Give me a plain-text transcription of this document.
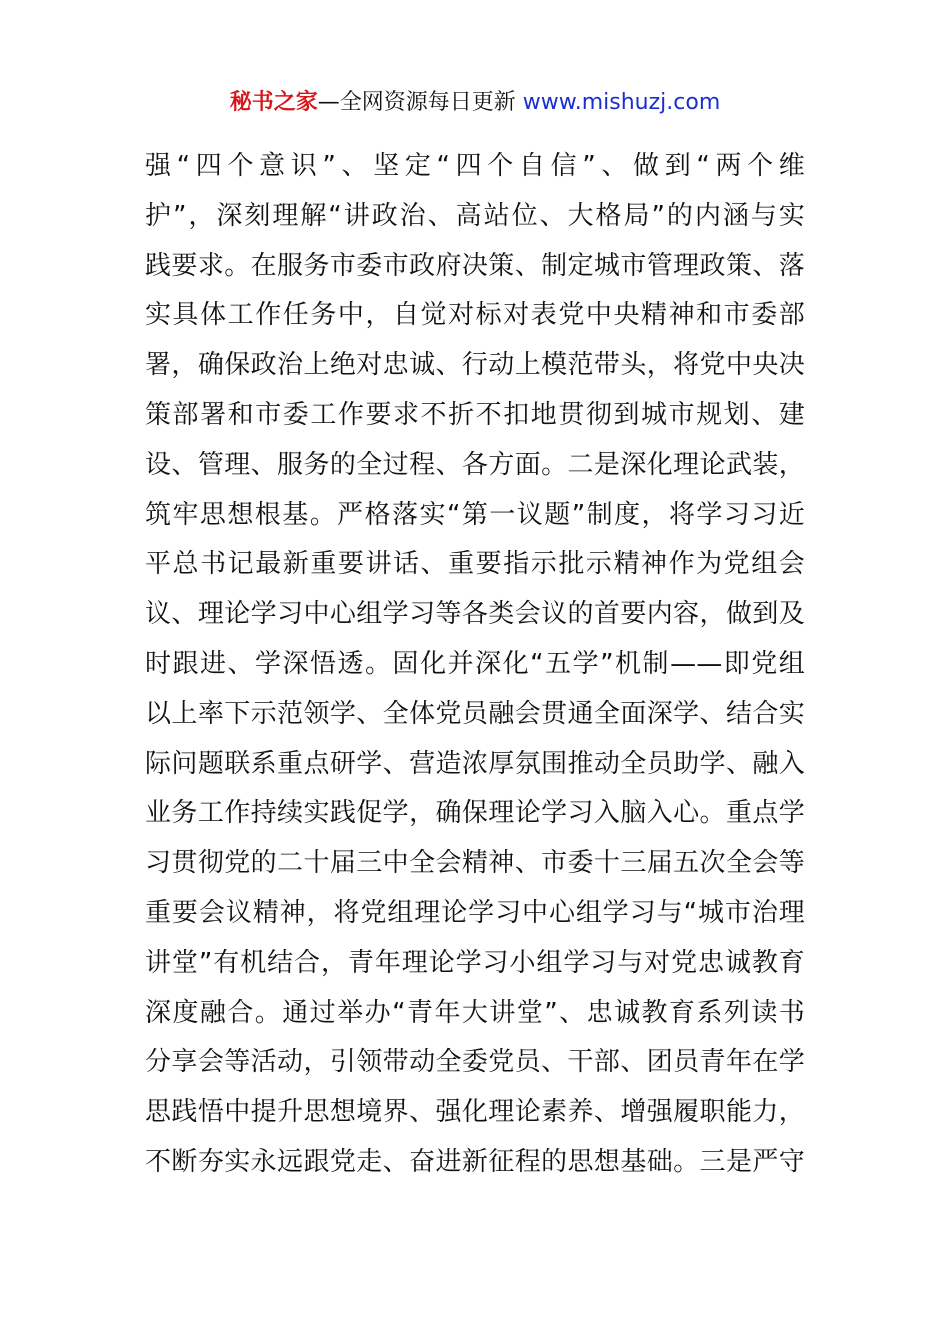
秘书之家—全网资源每日更新 www.mishuzj.com
强“四个意识”、坚定“四个自信”、做到“两个维
护”，深刻理解“讲政治、高站位、大格局”的内涵与实
践要求。在服务市委市政府决策、制定城市管理政策、落
实具体工作任务中，自觉对标对表党中央精神和市委部
署，确保政治上绝对忠诚、行动上模范带头，将党中央决
策部署和市委工作要求不折不扣地贯彻到城市规划、建
设、管理、服务的全过程、各方面。二是深化理论武装，
筑牢思想根基。严格落实“第一议题”制度，将学习习近
平总书记最新重要讲话、重要指示批示精神作为党组会
议、理论学习中心组学习等各类会议的首要内容，做到及
时跟进、学深悟透。固化并深化“五学”机制——即党组
以上率下示范领学、全体党员融会贯通全面深学、结合实
际问题联系重点研学、营造浓厚氛围推动全员助学、融入
业务工作持续实践促学，确保理论学习入脑入心。重点学
习贯彻党的二十届三中全会精神、市委十三届五次全会等
重要会议精神，将党组理论学习中心组学习与“城市治理
讲堂”有机结合，青年理论学习小组学习与对党忠诚教育
深度融合。通过举办“青年大讲堂”、忠诚教育系列读书
分享会等活动，引领带动全委党员、干部、团员青年在学
思践悟中提升思想境界、强化理论素养、增强履职能力，
不断夯实永远跟党走、奋进新征程的思想基础。三是严守
